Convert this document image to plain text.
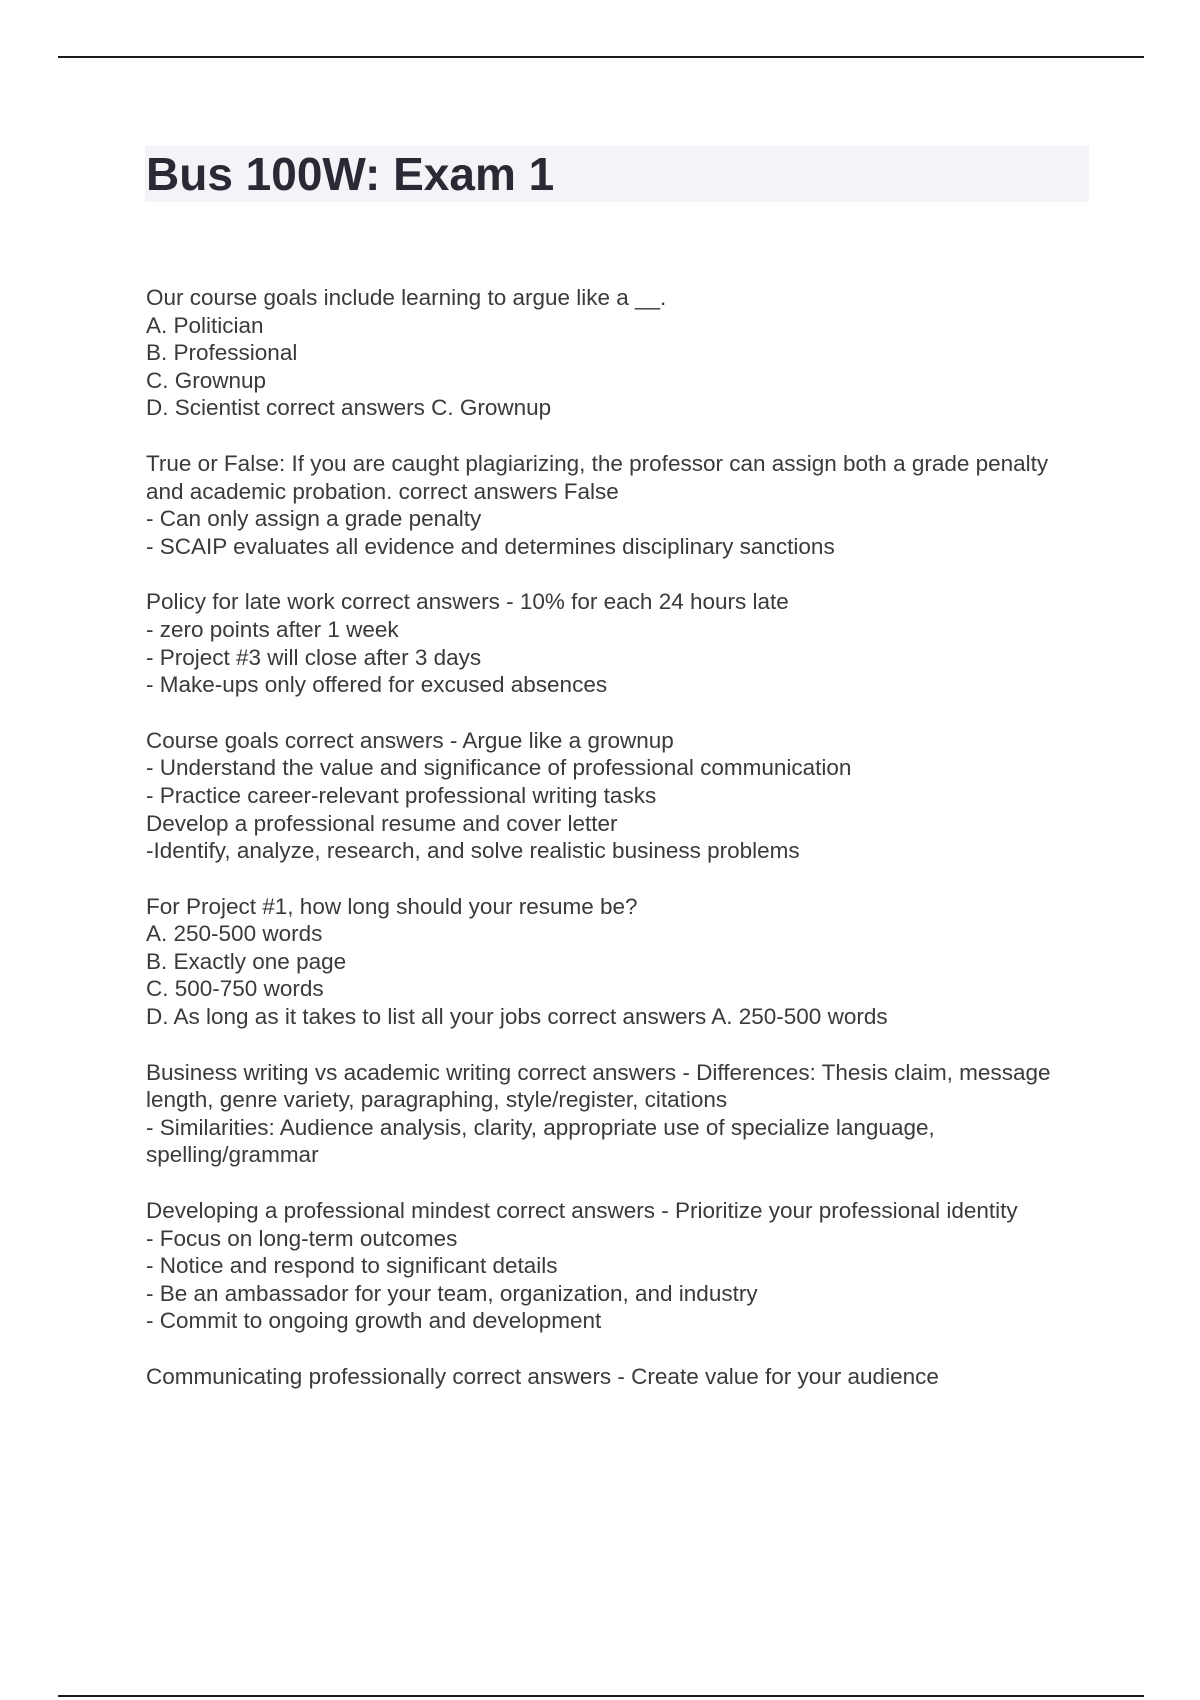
Bus 100W: Exam 1

Our course goals include learning to argue like a __.

A. Politician

B. Professional

C. Grownup

D. Scientist correct answers C. Grownup

True or False: If you are caught plagiarizing, the professor can assign both a grade penalty and academic probation. correct answers False

- Can only assign a grade penalty

- SCAIP evaluates all evidence and determines disciplinary sanctions

Policy for late work correct answers - 10% for each 24 hours late

- zero points after 1 week

- Project #3 will close after 3 days

- Make-ups only offered for excused absences

Course goals correct answers - Argue like a grownup

- Understand the value and significance of professional communication

- Practice career-relevant professional writing tasks

Develop a professional resume and cover letter

-Identify, analyze, research, and solve realistic business problems

For Project #1, how long should your resume be?

A. 250-500 words

B. Exactly one page

C. 500-750 words

D. As long as it takes to list all your jobs correct answers A. 250-500 words

Business writing vs academic writing correct answers - Differences: Thesis claim, message length, genre variety, paragraphing, style/register, citations

- Similarities: Audience analysis, clarity, appropriate use of specialize language, spelling/grammar

Developing a professional mindest correct answers - Prioritize your professional identity

- Focus on long-term outcomes

- Notice and respond to significant details

- Be an ambassador for your team, organization, and industry

- Commit to ongoing growth and development

Communicating professionally correct answers - Create value for your audience
